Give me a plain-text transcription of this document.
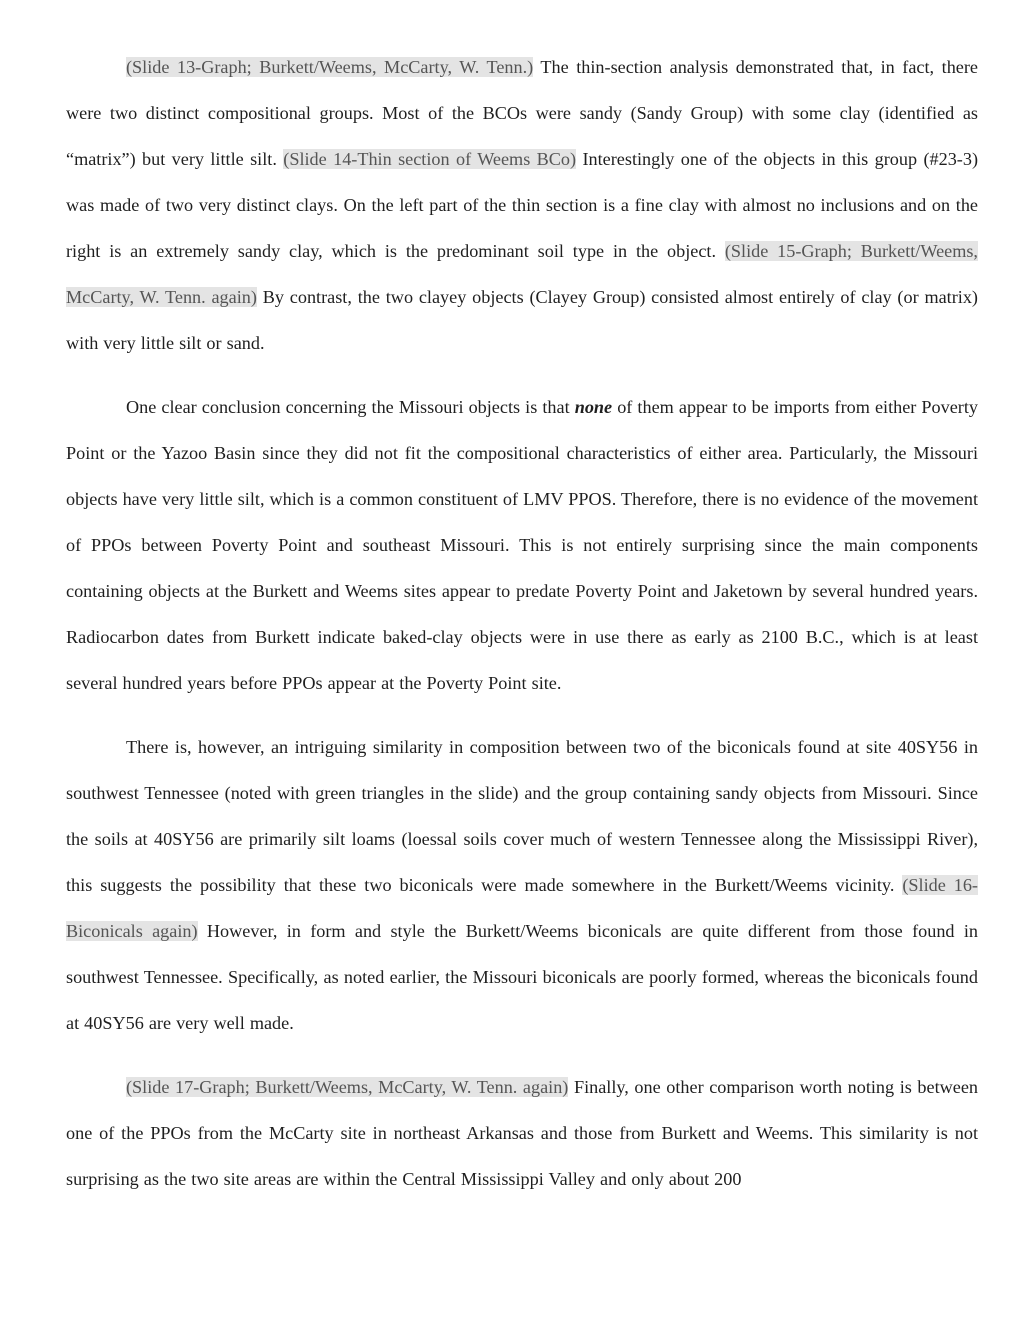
(Slide 13-Graph; Burkett/Weems, McCarty, W. Tenn.) The thin-section analysis demonstrated that, in fact, there were two distinct compositional groups. Most of the BCOs were sandy (Sandy Group) with some clay (identified as “matrix”) but very little silt. (Slide 14-Thin section of Weems BCo) Interestingly one of the objects in this group (#23-3) was made of two very distinct clays. On the left part of the thin section is a fine clay with almost no inclusions and on the right is an extremely sandy clay, which is the predominant soil type in the object. (Slide 15-Graph; Burkett/Weems, McCarty, W. Tenn. again) By contrast, the two clayey objects (Clayey Group) consisted almost entirely of clay (or matrix) with very little silt or sand.

One clear conclusion concerning the Missouri objects is that none of them appear to be imports from either Poverty Point or the Yazoo Basin since they did not fit the compositional characteristics of either area. Particularly, the Missouri objects have very little silt, which is a common constituent of LMV PPOS. Therefore, there is no evidence of the movement of PPOs between Poverty Point and southeast Missouri. This is not entirely surprising since the main components containing objects at the Burkett and Weems sites appear to predate Poverty Point and Jaketown by several hundred years. Radiocarbon dates from Burkett indicate baked-clay objects were in use there as early as 2100 B.C., which is at least several hundred years before PPOs appear at the Poverty Point site.

There is, however, an intriguing similarity in composition between two of the biconicals found at site 40SY56 in southwest Tennessee (noted with green triangles in the slide) and the group containing sandy objects from Missouri. Since the soils at 40SY56 are primarily silt loams (loessal soils cover much of western Tennessee along the Mississippi River), this suggests the possibility that these two biconicals were made somewhere in the Burkett/Weems vicinity. (Slide 16-Biconicals again) However, in form and style the Burkett/Weems biconicals are quite different from those found in southwest Tennessee. Specifically, as noted earlier, the Missouri biconicals are poorly formed, whereas the biconicals found at 40SY56 are very well made.

(Slide 17-Graph; Burkett/Weems, McCarty, W. Tenn. again) Finally, one other comparison worth noting is between one of the PPOs from the McCarty site in northeast Arkansas and those from Burkett and Weems. This similarity is not surprising as the two site areas are within the Central Mississippi Valley and only about 200
